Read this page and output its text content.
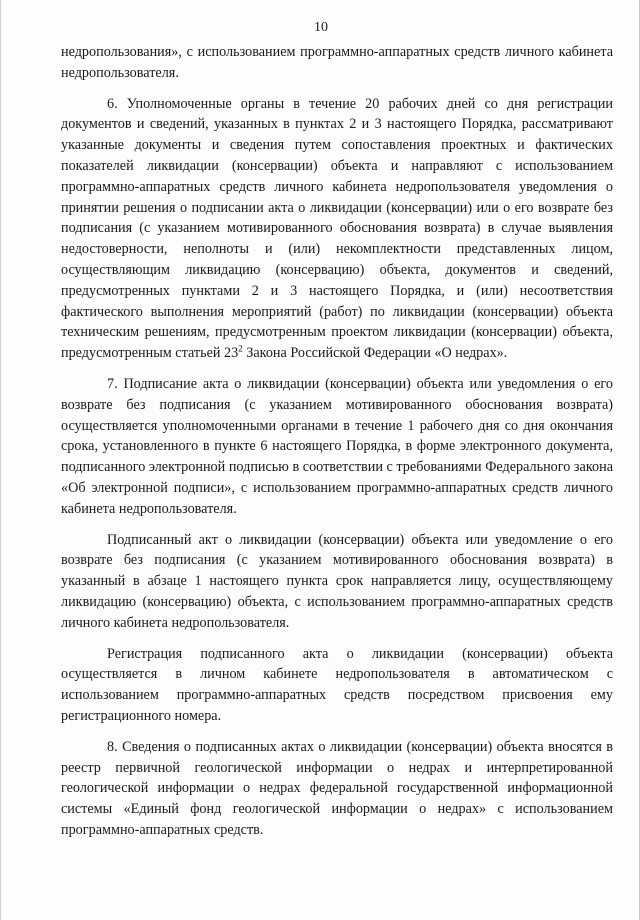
10

недропользования», с использованием программно-аппаратных средств личного кабинета недропользователя.

6. Уполномоченные органы в течение 20 рабочих дней со дня регистрации документов и сведений, указанных в пунктах 2 и 3 настоящего Порядка, рассматривают указанные документы и сведения путем сопоставления проектных и фактических показателей ликвидации (консервации) объекта и направляют с использованием программно-аппаратных средств личного кабинета недропользователя уведомления о принятии решения о подписании акта о ликвидации (консервации) или о его возврате без подписания (с указанием мотивированного обоснования возврата) в случае выявления недостоверности, неполноты и (или) некомплектности представленных лицом, осуществляющим ликвидацию (консервацию) объекта, документов и сведений, предусмотренных пунктами 2 и 3 настоящего Порядка, и (или) несоответствия фактического выполнения мероприятий (работ) по ликвидации (консервации) объекта техническим решениям, предусмотренным проектом ликвидации (консервации) объекта, предусмотренным статьей $23^2$ Закона Российской Федерации «О недрах».

7. Подписание акта о ликвидации (консервации) объекта или уведомления о его возврате без подписания (с указанием мотивированного обоснования возврата) осуществляется уполномоченными органами в течение 1 рабочего дня со дня окончания срока, установленного в пункте 6 настоящего Порядка, в форме электронного документа, подписанного электронной подписью в соответствии с требованиями Федерального закона «Об электронной подписи», с использованием программно-аппаратных средств личного кабинета недропользователя.

Подписанный акт о ликвидации (консервации) объекта или уведомление о его возврате без подписания (с указанием мотивированного обоснования возврата) в указанный в абзаце 1 настоящего пункта срок направляется лицу, осуществляющему ликвидацию (консервацию) объекта, с использованием программно-аппаратных средств личного кабинета недропользователя.

Регистрация подписанного акта о ликвидации (консервации) объекта осуществляется в личном кабинете недропользователя в автоматическом с использованием программно-аппаратных средств посредством присвоения ему регистрационного номера.

8. Сведения о подписанных актах о ликвидации (консервации) объекта вносятся в реестр первичной геологической информации о недрах и интерпретированной геологической информации о недрах федеральной государственной информационной системы «Единый фонд геологической информации о недрах» с использованием программно-аппаратных средств.
